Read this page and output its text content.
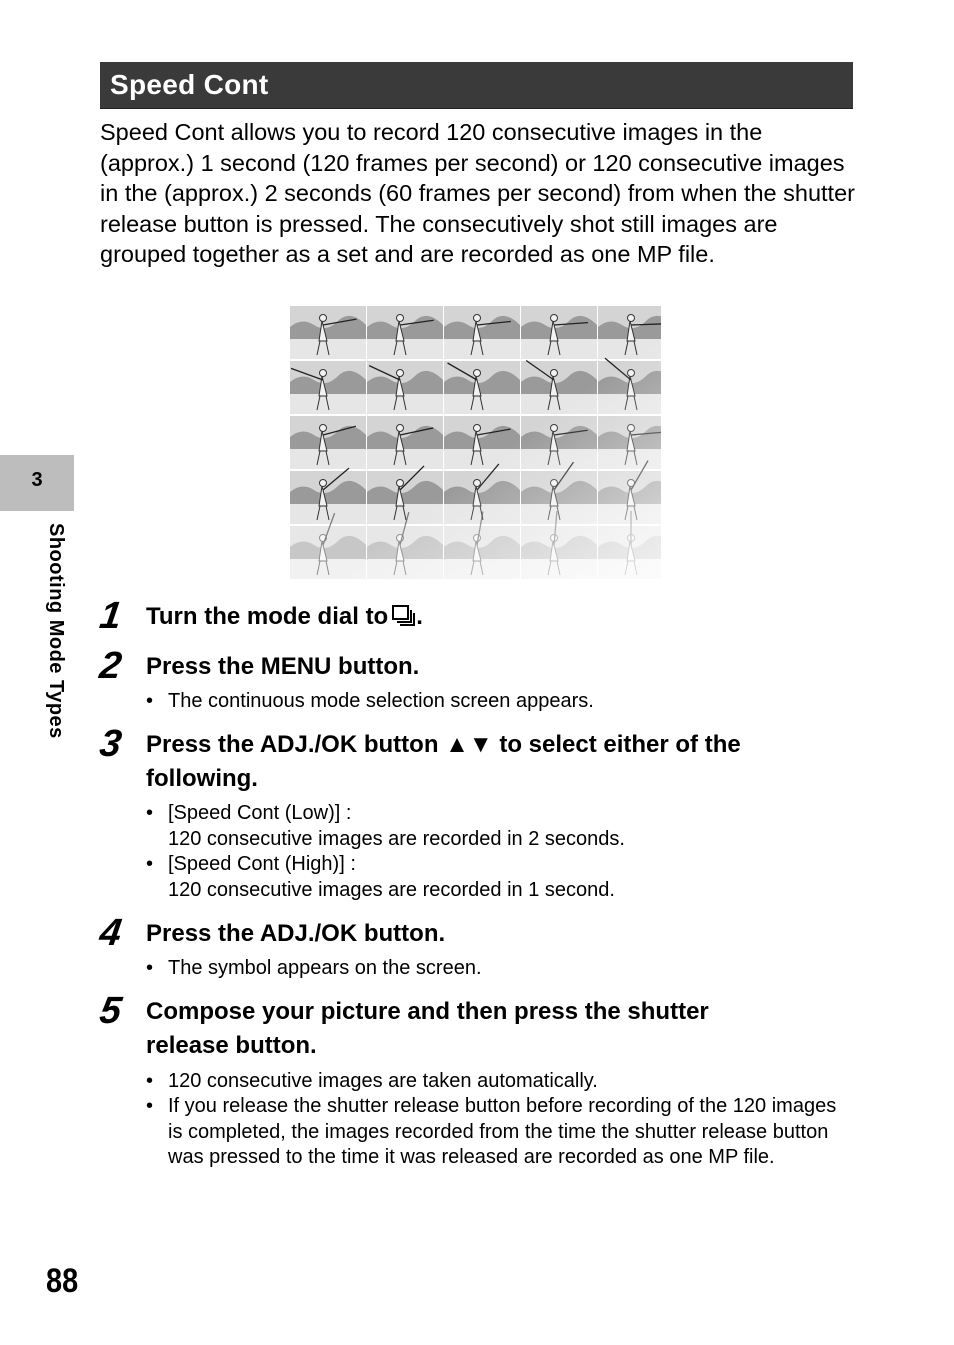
Speed Cont

Speed Cont allows you to record 120 consecutive images in the (approx.) 1 second (120 frames per second) or 120 consecutive images in the (approx.) 2 seconds (60 frames per second) from when the shutter release button is pressed. The consecutively shot still images are grouped together as a set and are recorded as one MP file.

3
Shooting Mode Types 1 Turn the mode dial to .

2 Press the MENU button.

• The continuous mode selection screen appears.
3 Press the ADJ./OK button ▲▼ to select either of the

following.

• [Speed Cont (Low)] :
120 consecutive images are recorded in 2 seconds.
• [Speed Cont (High)] :
120 consecutive images are recorded in 1 second.
4 Press the ADJ./OK button.

• The symbol appears on the screen.
5 Compose your picture and then press the shutter

release button.

• 120 consecutive images are taken automatically.
• If you release the shutter release button before recording of the 120 images is completed, the images recorded from the time the shutter release button was pressed to the time it was released are recorded as one MP file.
88
